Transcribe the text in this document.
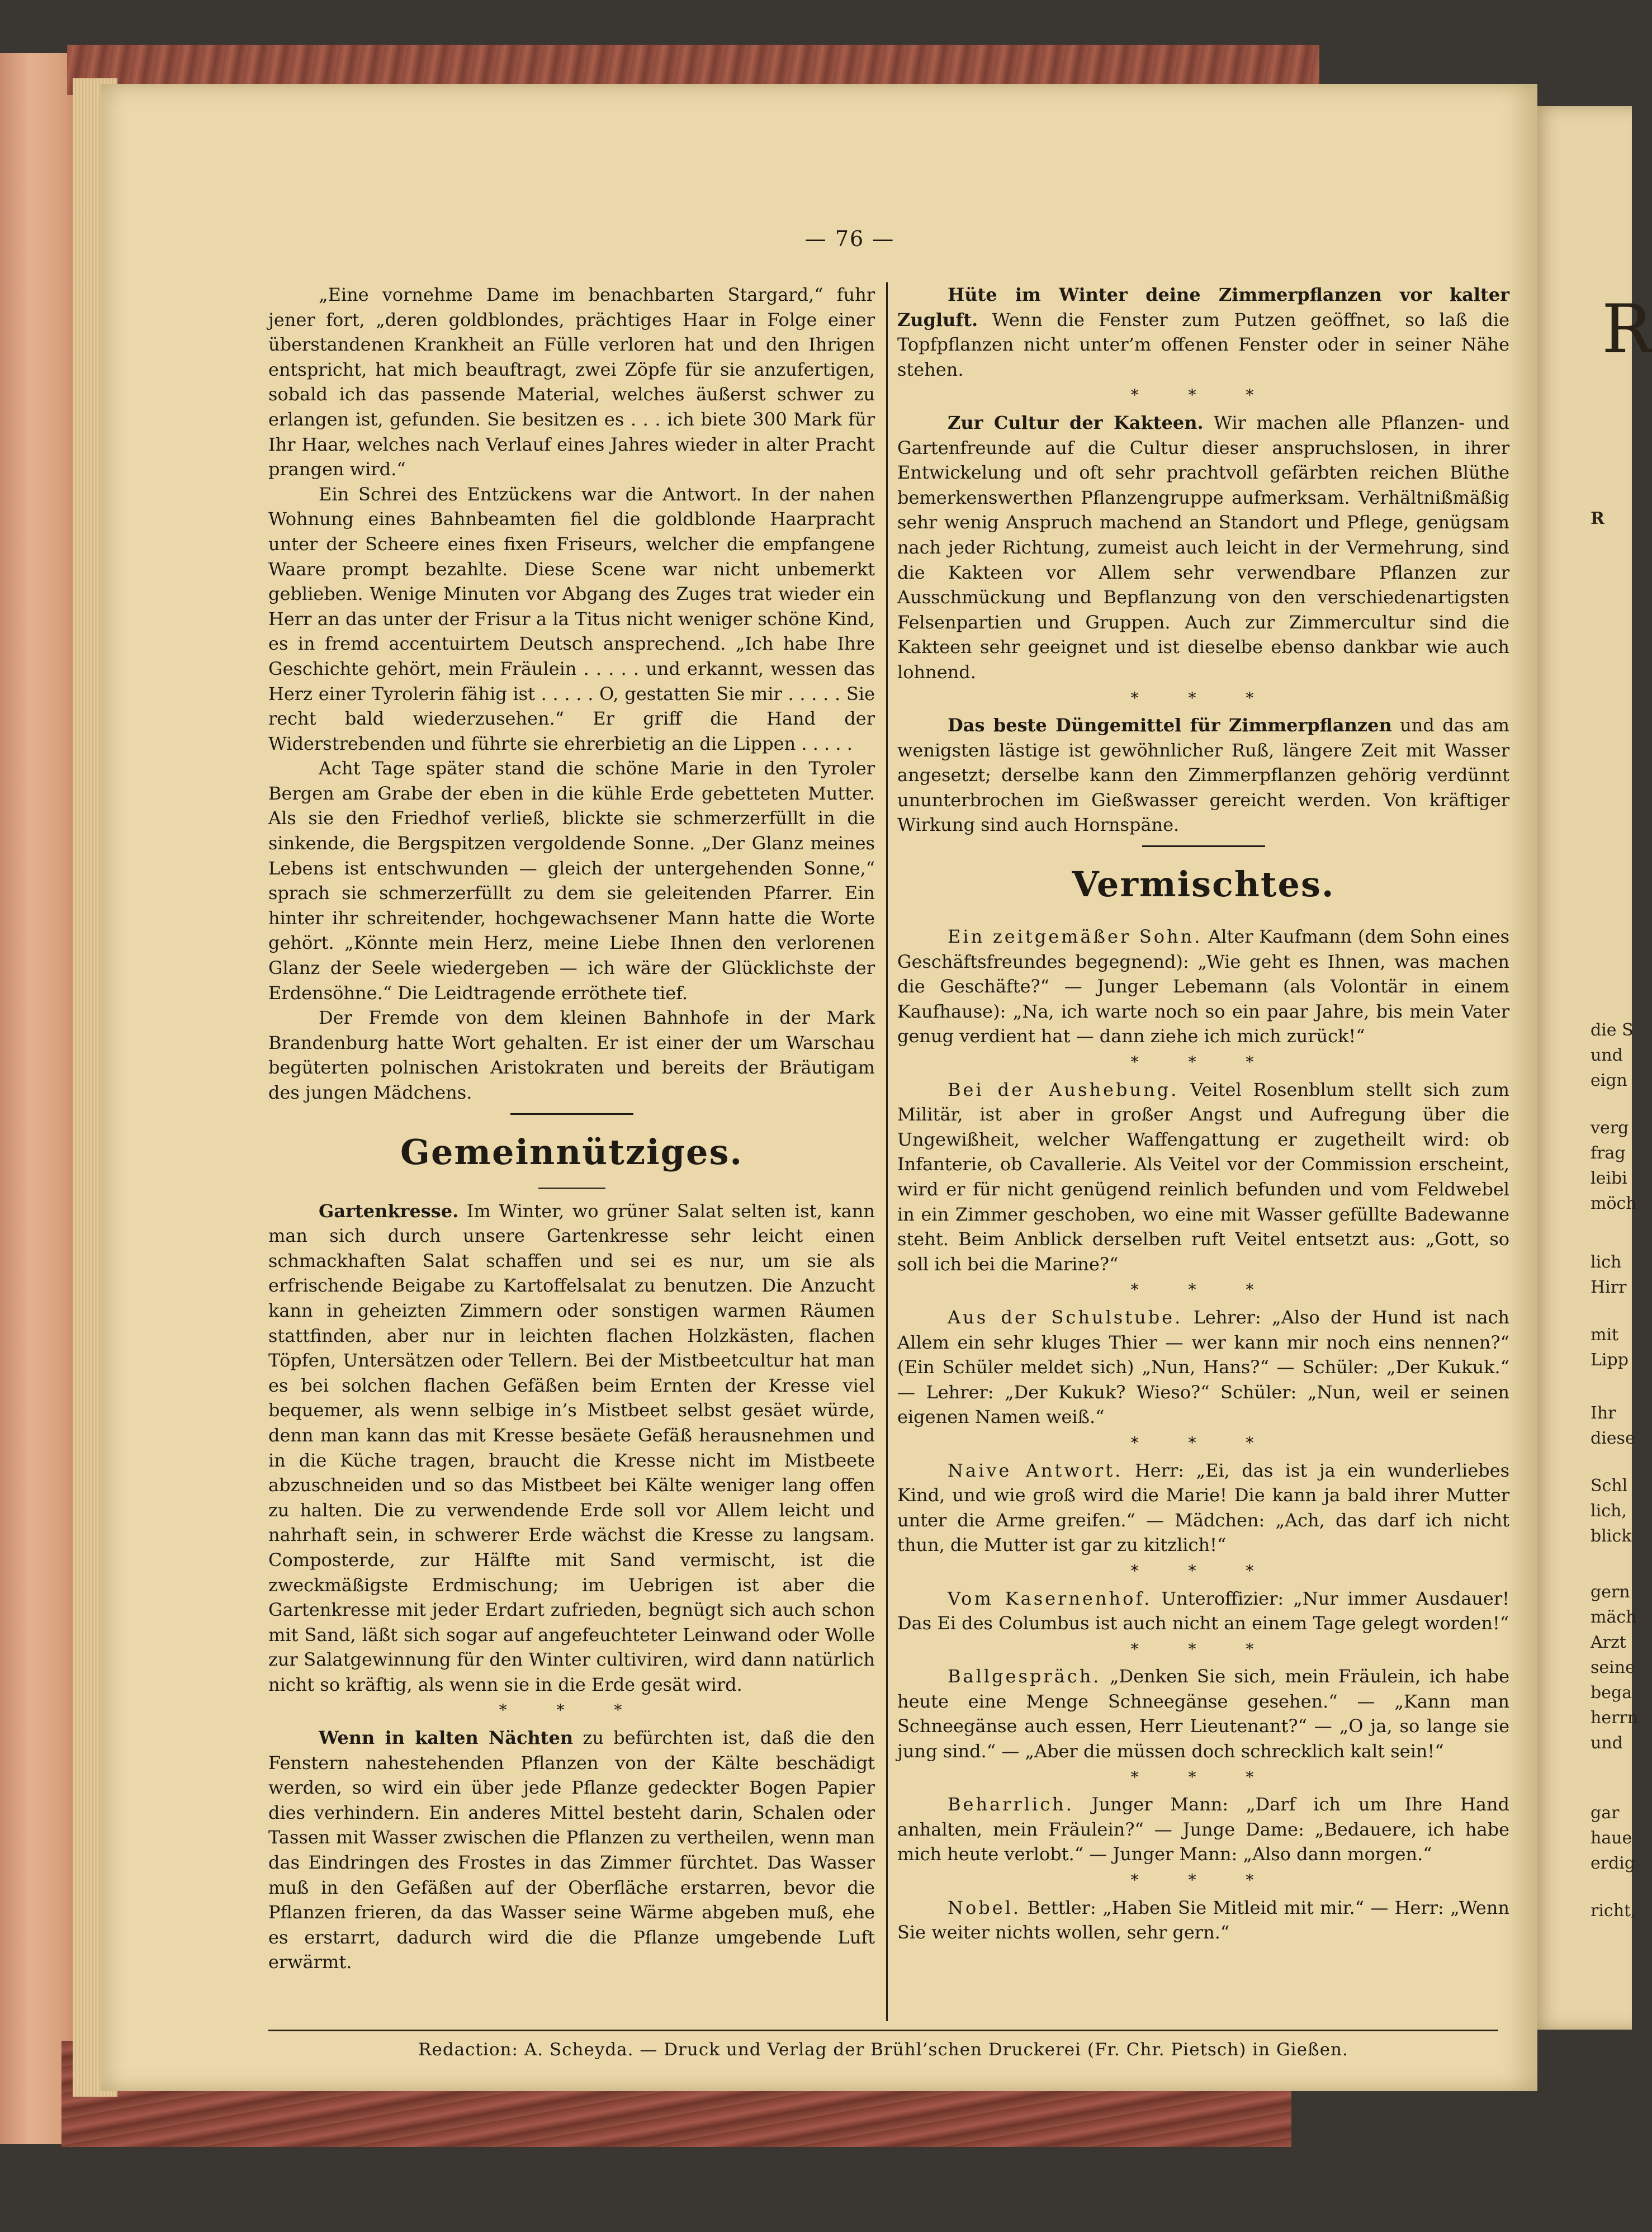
R
R
die S
und
eign
verg
frag
leibi
möch
lich
Hirr
mit
Lipp
Ihr
diese
Schl
lich,
blick
gern
mäch
Arzt
seine
bega
herrn
und
gar
haue
erdig
richt,
— 76 —

„Eine vornehme Dame im benachbarten Stargard,“ fuhr jener fort, „deren goldblondes, prächtiges Haar in Folge einer überstandenen Krankheit an Fülle verloren hat und den Ihrigen entspricht, hat mich beauftragt, zwei Zöpfe für sie anzufertigen, sobald ich das passende Material, welches äußerst schwer zu erlangen ist, gefunden. Sie besitzen es . . . ich biete 300 Mark für Ihr Haar, welches nach Verlauf eines Jahres wieder in alter Pracht prangen wird.“

Ein Schrei des Entzückens war die Antwort. In der nahen Wohnung eines Bahnbeamten fiel die goldblonde Haarpracht unter der Scheere eines fixen Friseurs, welcher die empfangene Waare prompt bezahlte. Diese Scene war nicht unbemerkt geblieben. Wenige Minuten vor Abgang des Zuges trat wieder ein Herr an das unter der Frisur a la Titus nicht weniger schöne Kind, es in fremd accentuirtem Deutsch ansprechend. „Ich habe Ihre Geschichte gehört, mein Fräulein . . . . . und erkannt, wessen das Herz einer Tyrolerin fähig ist . . . . . O, gestatten Sie mir . . . . . Sie recht bald wiederzusehen.“ Er griff die Hand der Widerstrebenden und führte sie ehrerbietig an die Lippen . . . . .

Acht Tage später stand die schöne Marie in den Tyroler Bergen am Grabe der eben in die kühle Erde gebetteten Mutter. Als sie den Friedhof verließ, blickte sie schmerzerfüllt in die sinkende, die Bergspitzen vergoldende Sonne. „Der Glanz meines Lebens ist entschwunden — gleich der untergehenden Sonne,“ sprach sie schmerzerfüllt zu dem sie geleitenden Pfarrer. Ein hinter ihr schreitender, hochgewachsener Mann hatte die Worte gehört. „Könnte mein Herz, meine Liebe Ihnen den verlorenen Glanz der Seele wiedergeben — ich wäre der Glücklichste der Erdensöhne.“ Die Leidtragende erröthete tief.

Der Fremde von dem kleinen Bahnhofe in der Mark Brandenburg hatte Wort gehalten. Er ist einer der um Warschau begüterten polnischen Aristokraten und bereits der Bräutigam des jungen Mädchens.

Gemeinnütziges.

Gartenkresse. Im Winter, wo grüner Salat selten ist, kann man sich durch unsere Gartenkresse sehr leicht einen schmackhaften Salat schaffen und sei es nur, um sie als erfrischende Beigabe zu Kartoffelsalat zu benutzen. Die Anzucht kann in geheizten Zimmern oder sonstigen warmen Räumen stattfinden, aber nur in leichten flachen Holzkästen, flachen Töpfen, Untersätzen oder Tellern. Bei der Mistbeetcultur hat man es bei solchen flachen Gefäßen beim Ernten der Kresse viel bequemer, als wenn selbige in’s Mistbeet selbst gesäet würde, denn man kann das mit Kresse besäete Gefäß herausnehmen und in die Küche tragen, braucht die Kresse nicht im Mistbeete abzuschneiden und so das Mistbeet bei Kälte weniger lang offen zu halten. Die zu verwendende Erde soll vor Allem leicht und nahrhaft sein, in schwerer Erde wächst die Kresse zu langsam. Composterde, zur Hälfte mit Sand vermischt, ist die zweckmäßigste Erdmischung; im Uebrigen ist aber die Gartenkresse mit jeder Erdart zufrieden, begnügt sich auch schon mit Sand, läßt sich sogar auf angefeuchteter Leinwand oder Wolle zur Salatgewinnung für den Winter cultiviren, wird dann natürlich nicht so kräftig, als wenn sie in die Erde gesät wird.

* * *

Wenn in kalten Nächten zu befürchten ist, daß die den Fenstern nahestehenden Pflanzen von der Kälte beschädigt werden, so wird ein über jede Pflanze gedeckter Bogen Papier dies verhindern. Ein anderes Mittel besteht darin, Schalen oder Tassen mit Wasser zwischen die Pflanzen zu vertheilen, wenn man das Eindringen des Frostes in das Zimmer fürchtet. Das Wasser muß in den Gefäßen auf der Oberfläche erstarren, bevor die Pflanzen frieren, da das Wasser seine Wärme abgeben muß, ehe es erstarrt, dadurch wird die die Pflanze umgebende Luft erwärmt.

Hüte im Winter deine Zimmerpflanzen vor kalter Zugluft. Wenn die Fenster zum Putzen geöffnet, so laß die Topfpflanzen nicht unter’m offenen Fenster oder in seiner Nähe stehen.

* * *

Zur Cultur der Kakteen. Wir machen alle Pflanzen- und Gartenfreunde auf die Cultur dieser anspruchslosen, in ihrer Entwickelung und oft sehr prachtvoll gefärbten reichen Blüthe bemerkenswerthen Pflanzengruppe aufmerksam. Verhältnißmäßig sehr wenig Anspruch machend an Standort und Pflege, genügsam nach jeder Richtung, zumeist auch leicht in der Vermehrung, sind die Kakteen vor Allem sehr verwendbare Pflanzen zur Ausschmückung und Bepflanzung von den verschiedenartigsten Felsenpartien und Gruppen. Auch zur Zimmercultur sind die Kakteen sehr geeignet und ist dieselbe ebenso dankbar wie auch lohnend.

* * *

Das beste Düngemittel für Zimmerpflanzen und das am wenigsten lästige ist gewöhnlicher Ruß, längere Zeit mit Wasser angesetzt; derselbe kann den Zimmerpflanzen gehörig verdünnt ununterbrochen im Gießwasser gereicht werden. Von kräftiger Wirkung sind auch Hornspäne.

Vermischtes.

Ein zeitgemäßer Sohn. Alter Kaufmann (dem Sohn eines Geschäftsfreundes begegnend): „Wie geht es Ihnen, was machen die Geschäfte?“ — Junger Lebemann (als Volontär in einem Kaufhause): „Na, ich warte noch so ein paar Jahre, bis mein Vater genug verdient hat — dann ziehe ich mich zurück!“

* * *

Bei der Aushebung. Veitel Rosenblum stellt sich zum Militär, ist aber in großer Angst und Aufregung über die Ungewißheit, welcher Waffengattung er zugetheilt wird: ob Infanterie, ob Cavallerie. Als Veitel vor der Commission erscheint, wird er für nicht genügend reinlich befunden und vom Feldwebel in ein Zimmer geschoben, wo eine mit Wasser gefüllte Badewanne steht. Beim Anblick derselben ruft Veitel entsetzt aus: „Gott, so soll ich bei die Marine?“

* * *

Aus der Schulstube. Lehrer: „Also der Hund ist nach Allem ein sehr kluges Thier — wer kann mir noch eins nennen?“ (Ein Schüler meldet sich) „Nun, Hans?“ — Schüler: „Der Kukuk.“ — Lehrer: „Der Kukuk? Wieso?“ Schüler: „Nun, weil er seinen eigenen Namen weiß.“

* * *

Naive Antwort. Herr: „Ei, das ist ja ein wunderliebes Kind, und wie groß wird die Marie! Die kann ja bald ihrer Mutter unter die Arme greifen.“ — Mädchen: „Ach, das darf ich nicht thun, die Mutter ist gar zu kitzlich!“

* * *

Vom Kasernenhof. Unteroffizier: „Nur immer Ausdauer! Das Ei des Columbus ist auch nicht an einem Tage gelegt worden!“

* * *

Ballgespräch. „Denken Sie sich, mein Fräulein, ich habe heute eine Menge Schneegänse gesehen.“ — „Kann man Schneegänse auch essen, Herr Lieutenant?“ — „O ja, so lange sie jung sind.“ — „Aber die müssen doch schrecklich kalt sein!“

* * *

Beharrlich. Junger Mann: „Darf ich um Ihre Hand anhalten, mein Fräulein?“ — Junge Dame: „Bedauere, ich habe mich heute verlobt.“ — Junger Mann: „Also dann morgen.“

* * *

Nobel. Bettler: „Haben Sie Mitleid mit mir.“ — Herr: „Wenn Sie weiter nichts wollen, sehr gern.“

Redaction: A. Scheyda. — Druck und Verlag der Brühl’schen Druckerei (Fr. Chr. Pietsch) in Gießen.
